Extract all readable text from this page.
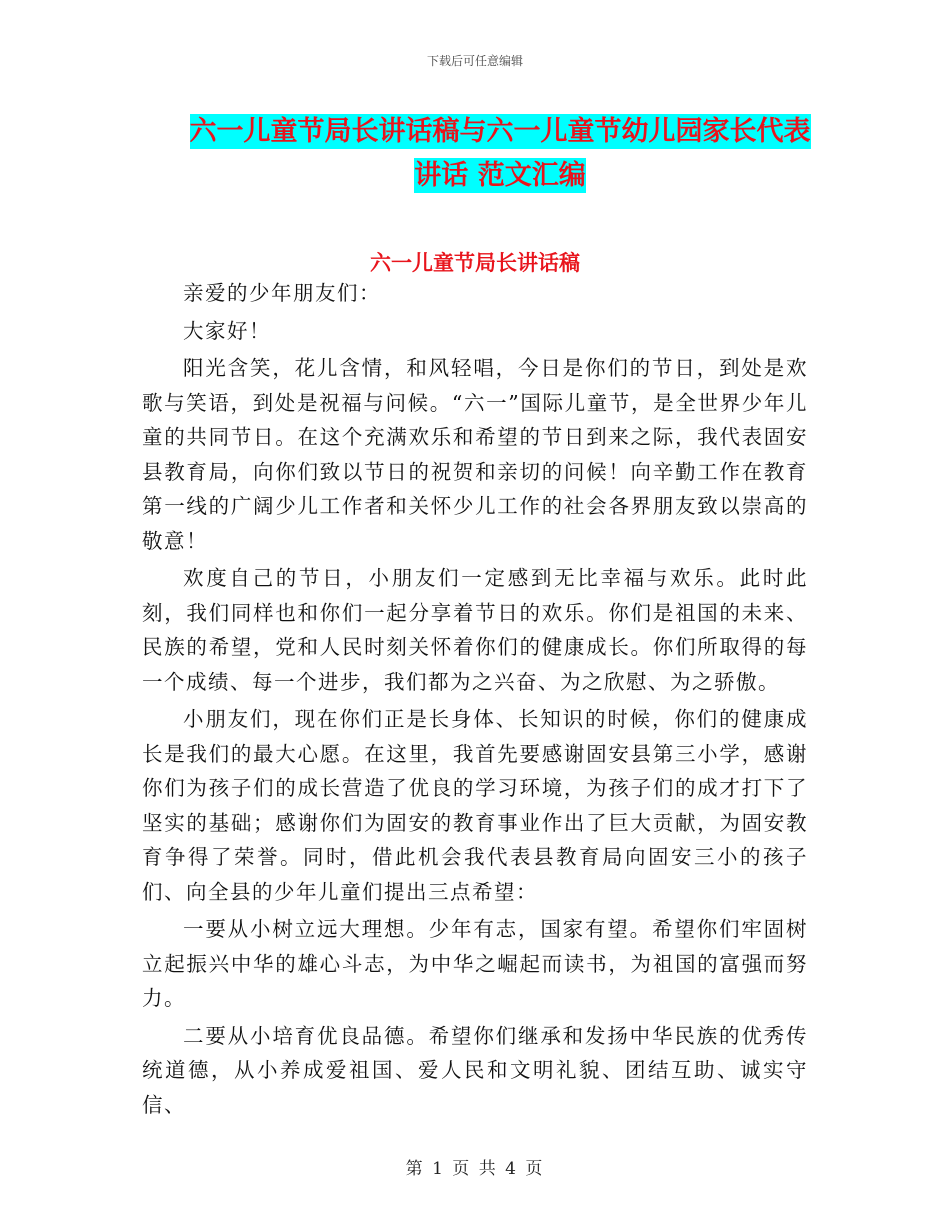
下载后可任意编辑
六一儿童节局长讲话稿与六一儿童节幼儿园家长代表
讲话 范文汇编
六一儿童节局长讲话稿

亲爱的少年朋友们：

大家好！

阳光含笑，花儿含情，和风轻唱，今日是你们的节日，到处是欢歌与笑语，到处是祝福与问候。“六一”国际儿童节，是全世界少年儿童的共同节日。在这个充满欢乐和希望的节日到来之际，我代表固安县教育局，向你们致以节日的祝贺和亲切的问候！向辛勤工作在教育第一线的广阔少儿工作者和关怀少儿工作的社会各界朋友致以崇高的敬意！

欢度自己的节日，小朋友们一定感到无比幸福与欢乐。此时此刻，我们同样也和你们一起分享着节日的欢乐。你们是祖国的未来、民族的希望，党和人民时刻关怀着你们的健康成长。你们所取得的每一个成绩、每一个进步，我们都为之兴奋、为之欣慰、为之骄傲。

小朋友们，现在你们正是长身体、长知识的时候，你们的健康成长是我们的最大心愿。在这里，我首先要感谢固安县第三小学，感谢你们为孩子们的成长营造了优良的学习环境，为孩子们的成才打下了坚实的基础；感谢你们为固安的教育事业作出了巨大贡献，为固安教育争得了荣誉。同时，借此机会我代表县教育局向固安三小的孩子们、向全县的少年儿童们提出三点希望：

一要从小树立远大理想。少年有志，国家有望。希望你们牢固树立起振兴中华的雄心斗志，为中华之崛起而读书，为祖国的富强而努力。

二要从小培育优良品德。希望你们继承和发扬中华民族的优秀传统道德，从小养成爱祖国、爱人民和文明礼貌、团结互助、诚实守信、

第 1 页 共 4 页
